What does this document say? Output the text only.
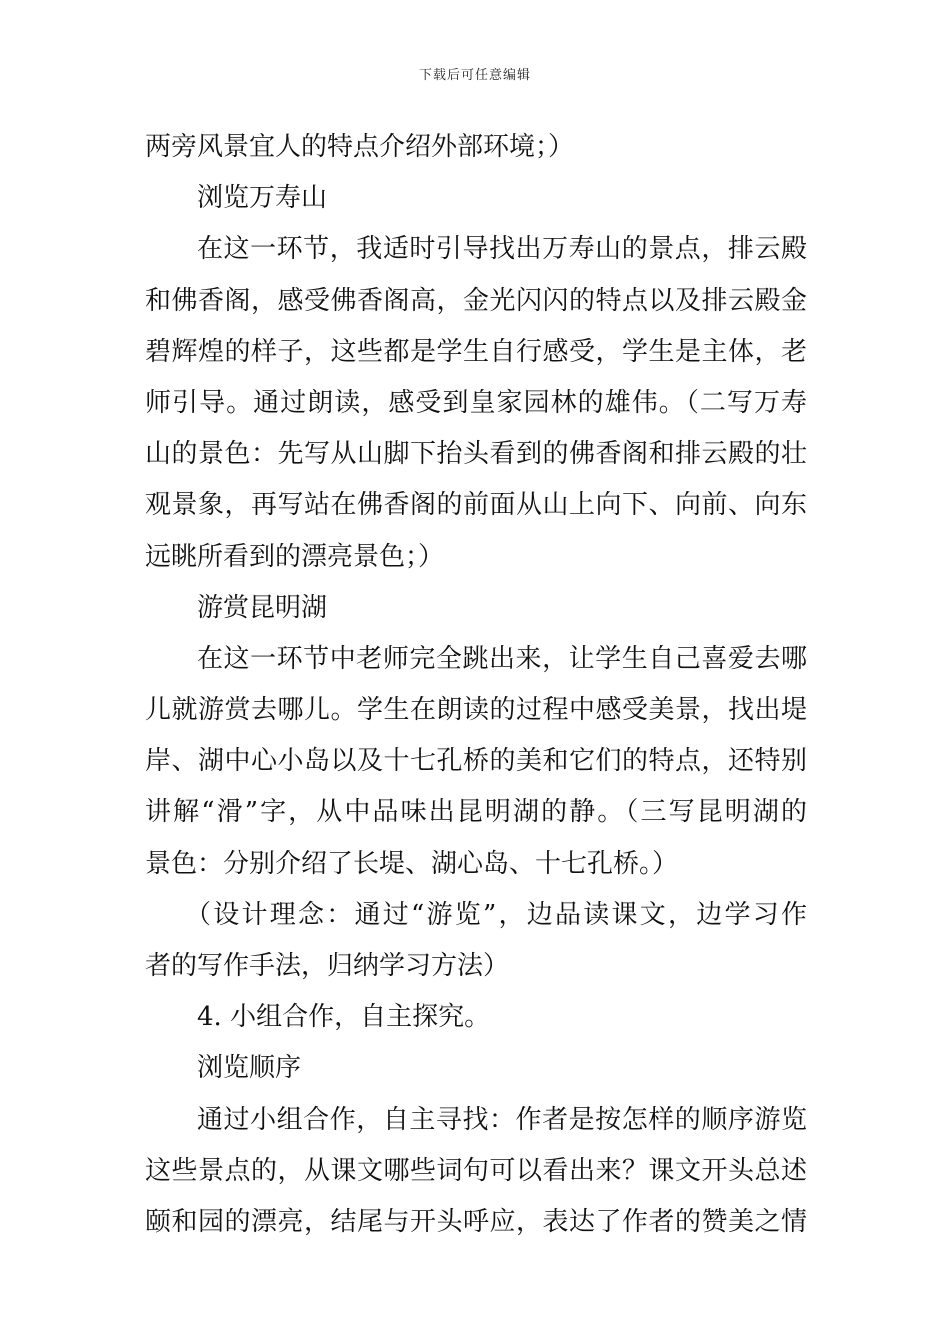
下载后可任意编辑
两旁风景宜人的特点介绍外部环境；）
浏览万寿山
在这一环节，我适时引导找出万寿山的景点，排云殿
和佛香阁，感受佛香阁高，金光闪闪的特点以及排云殿金
碧辉煌的样子，这些都是学生自行感受，学生是主体，老
师引导。通过朗读，感受到皇家园林的雄伟。（二写万寿
山的景色：先写从山脚下抬头看到的佛香阁和排云殿的壮
观景象，再写站在佛香阁的前面从山上向下、向前、向东
远眺所看到的漂亮景色；）
游赏昆明湖
在这一环节中老师完全跳出来，让学生自己喜爱去哪
儿就游赏去哪儿。学生在朗读的过程中感受美景，找出堤
岸、湖中心小岛以及十七孔桥的美和它们的特点，还特别
讲解“滑”字，从中品味出昆明湖的静。（三写昆明湖的
景色：分别介绍了长堤、湖心岛、十七孔桥。）
（设计理念：通过“游览”，边品读课文，边学习作
者的写作手法，归纳学习方法）
4. 小组合作，自主探究。
浏览顺序
通过小组合作，自主寻找：作者是按怎样的顺序游览
这些景点的，从课文哪些词句可以看出来？课文开头总述
颐和园的漂亮，结尾与开头呼应，表达了作者的赞美之情
